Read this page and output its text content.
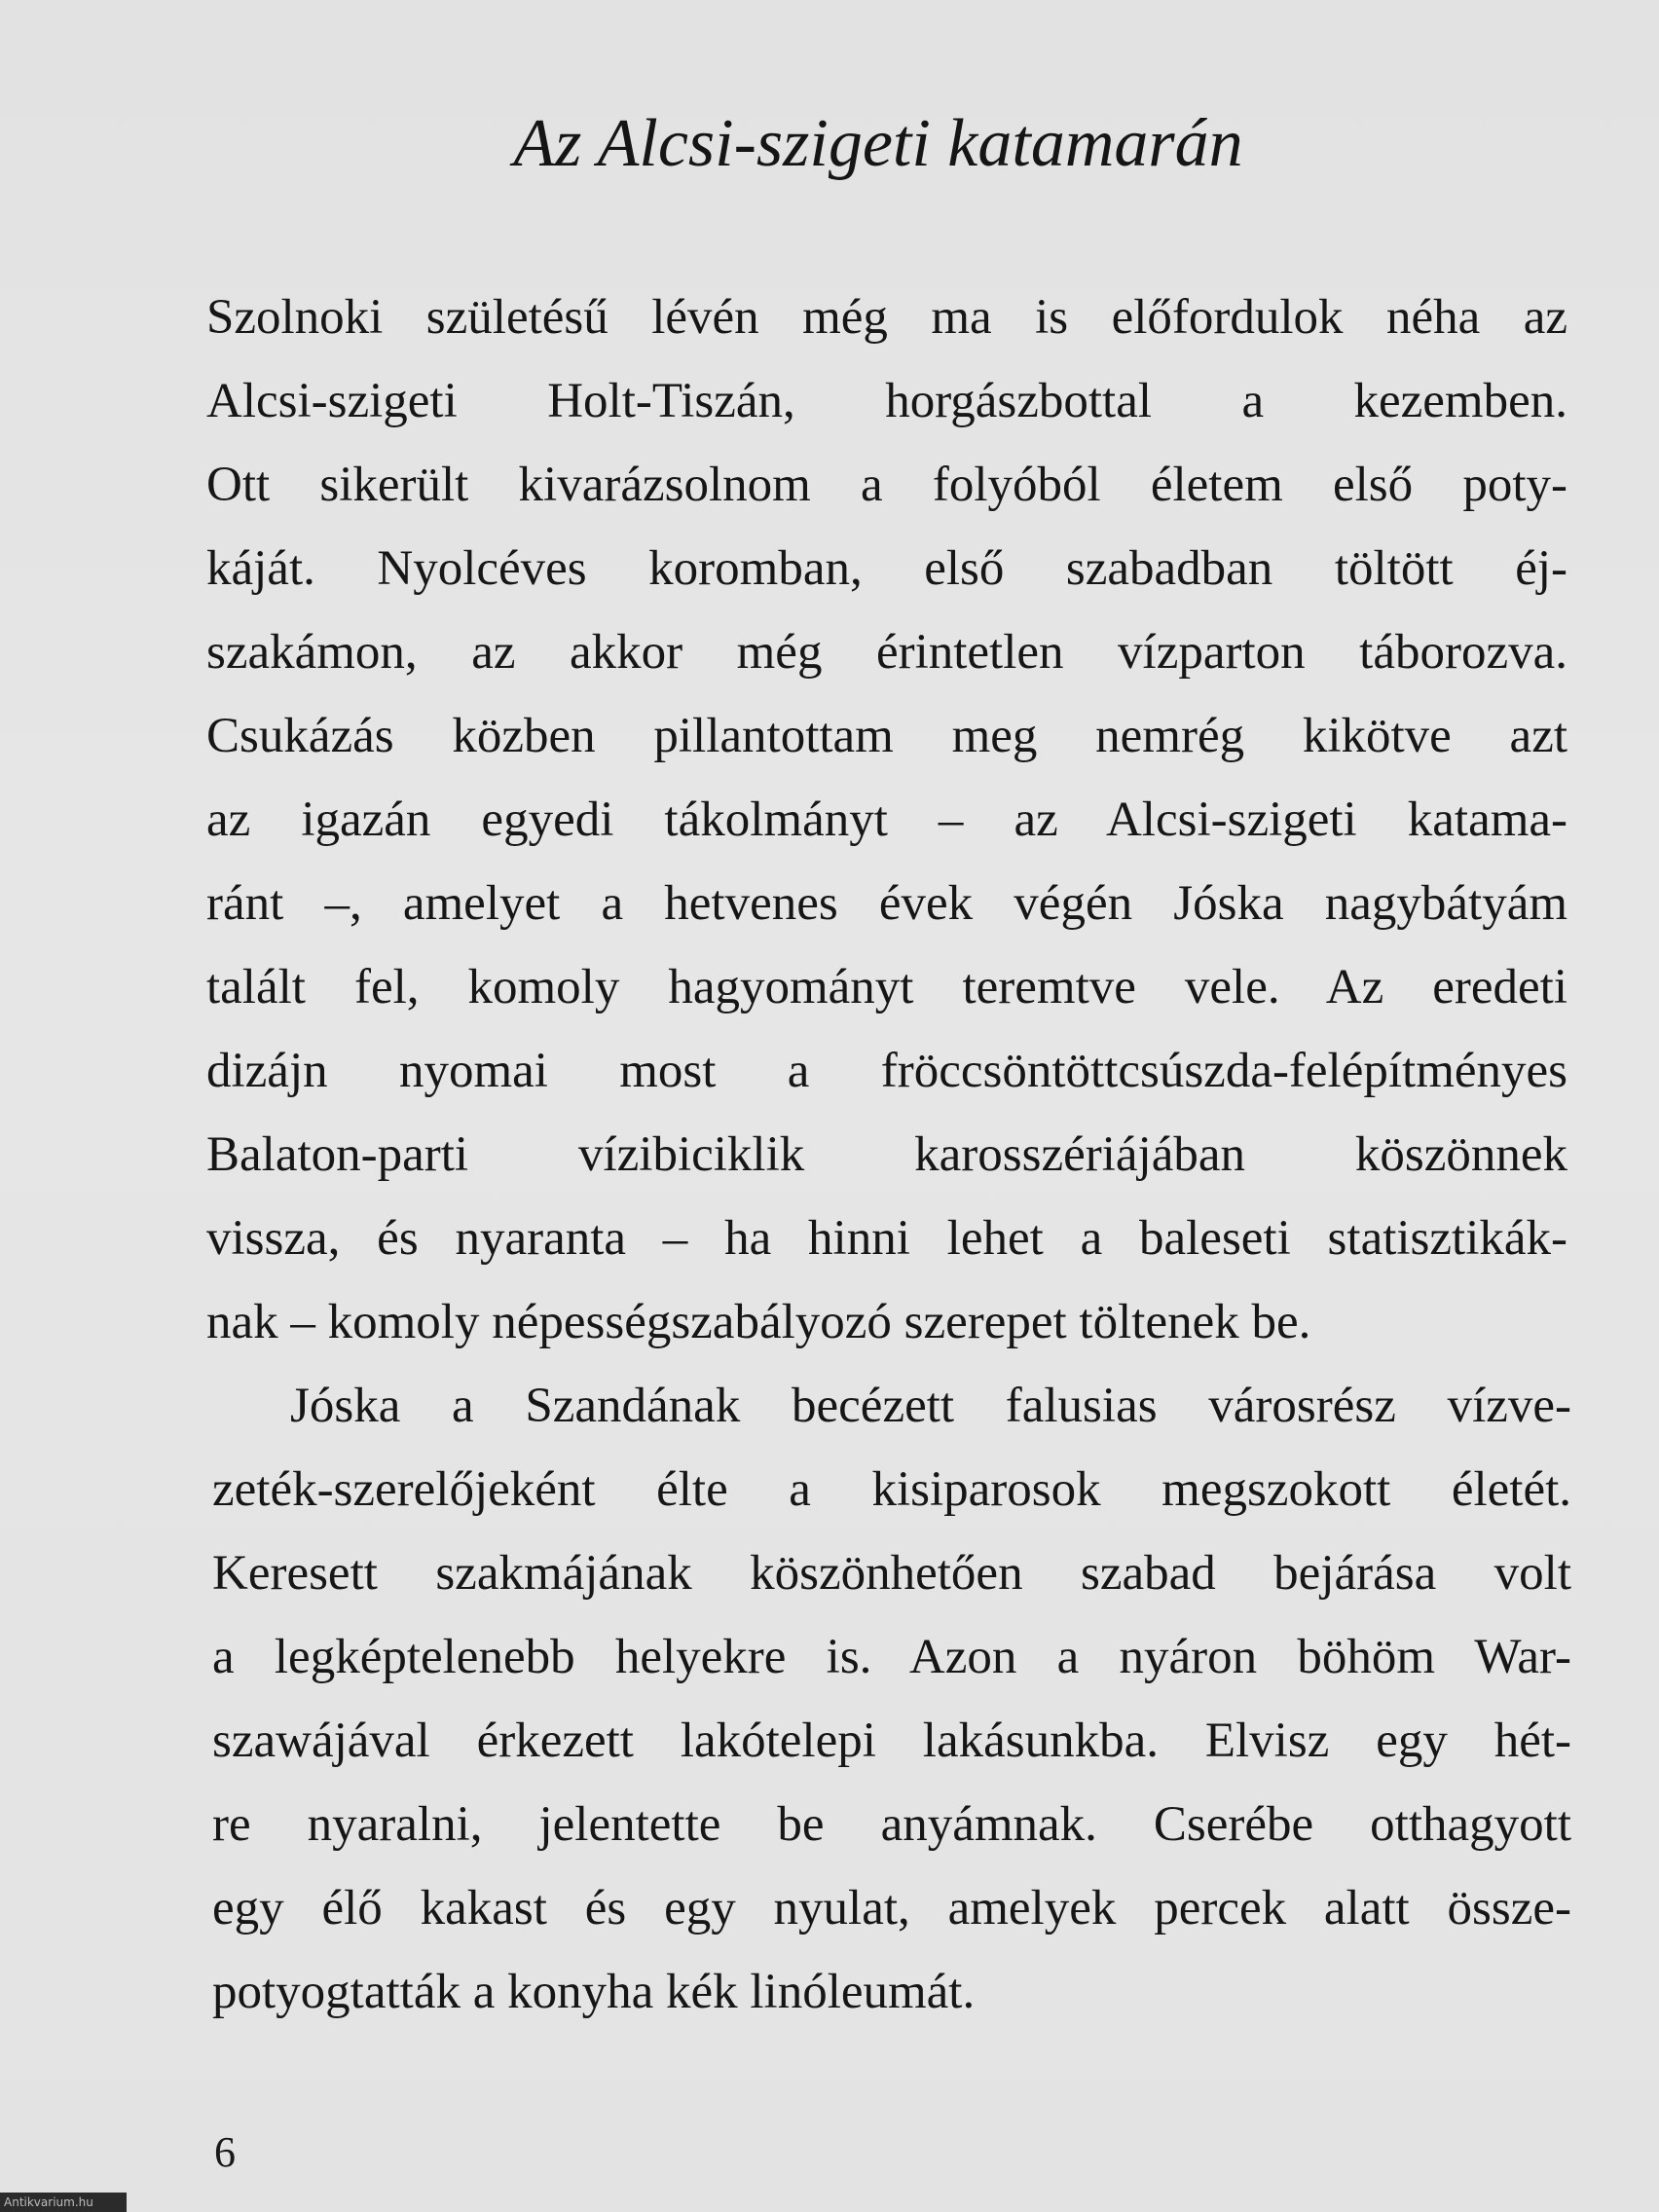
Az Alcsi-szigeti katamarán
Szolnoki születésű lévén még ma is előfordulok néha az
Alcsi-szigeti Holt-Tiszán, horgászbottal a kezemben.
Ott sikerült kivarázsolnom a folyóból életem első poty-
káját. Nyolcéves koromban, első szabadban töltött éj-
szakámon, az akkor még érintetlen vízparton táborozva.
Csukázás közben pillantottam meg nemrég kikötve azt
az igazán egyedi tákolmányt – az Alcsi-szigeti katama-
ránt –, amelyet a hetvenes évek végén Jóska nagybátyám
talált fel, komoly hagyományt teremtve vele. Az eredeti
dizájn nyomai most a fröccsöntöttcsúszda-felépítményes
Balaton-parti vízibiciklik karosszériájában köszönnek
vissza, és nyaranta – ha hinni lehet a baleseti statisztikák-
nak – komoly népességszabályozó szerepet töltenek be.
Jóska a Szandának becézett falusias városrész vízve-
zeték-szerelőjeként élte a kisiparosok megszokott életét.
Keresett szakmájának köszönhetően szabad bejárása volt
a legképtelenebb helyekre is. Azon a nyáron böhöm War-
szawájával érkezett lakótelepi lakásunkba. Elvisz egy hét-
re nyaralni, jelentette be anyámnak. Cserébe otthagyott
egy élő kakast és egy nyulat, amelyek percek alatt össze-
potyogtatták a konyha kék linóleumát.
6
Antikvarium.hu
